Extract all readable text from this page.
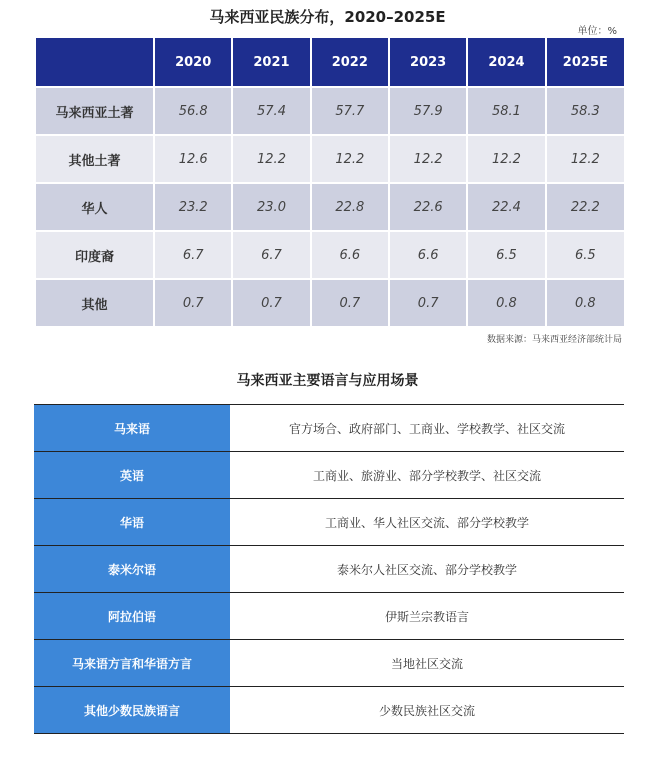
马来西亚民族分布，2020–2025E
单位：%
	2020	2021	2022	2023	2024	2025E
马来西亚土著	56.8	57.4	57.7	57.9	58.1	58.3
其他土著	12.6	12.2	12.2	12.2	12.2	12.2
华人	23.2	23.0	22.8	22.6	22.4	22.2
印度裔	6.7	6.7	6.6	6.6	6.5	6.5
其他	0.7	0.7	0.7	0.7	0.8	0.8
数据来源：马来西亚经济部统计局
马来西亚主要语言与应用场景
马来语	官方场合、政府部门、工商业、学校教学、社区交流
英语	工商业、旅游业、部分学校教学、社区交流
华语	工商业、华人社区交流、部分学校教学
泰米尔语	泰米尔人社区交流、部分学校教学
阿拉伯语	伊斯兰宗教语言
马来语方言和华语方言	当地社区交流
其他少数民族语言	少数民族社区交流
